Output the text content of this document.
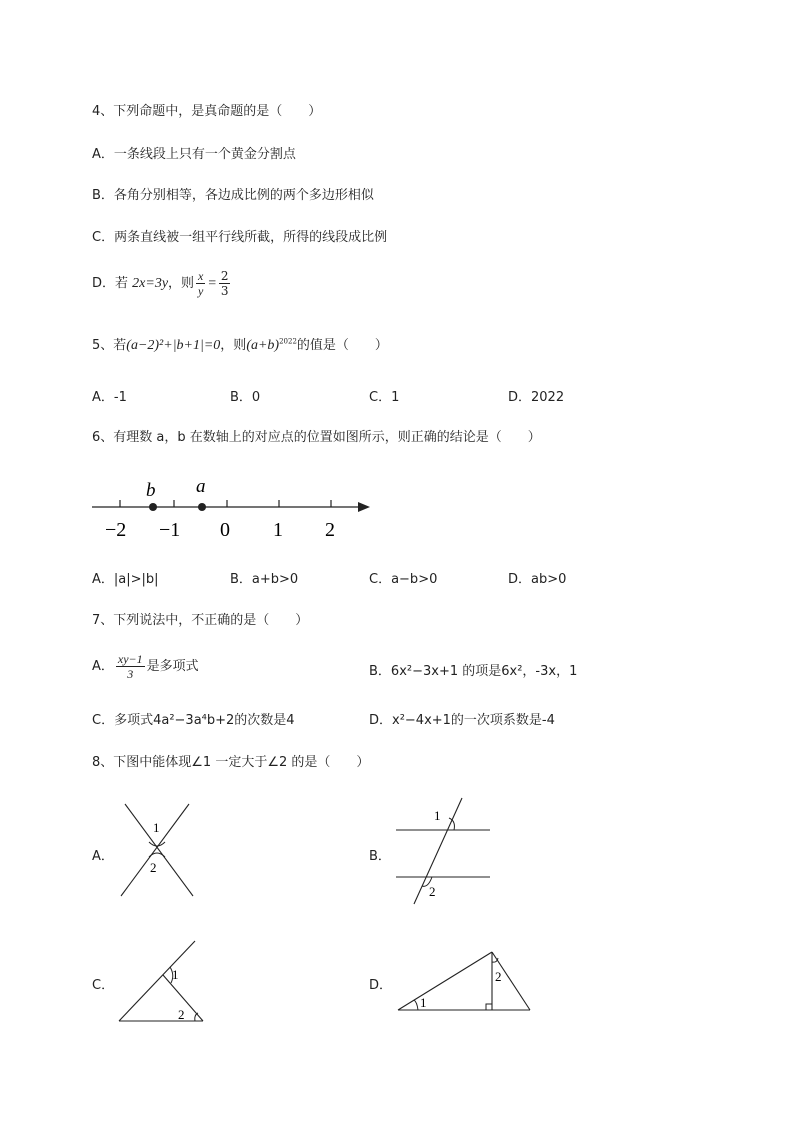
4、下列命题中，是真命题的是（　　）
A．一条线段上只有一个黄金分割点
B．各角分别相等，各边成比例的两个多边形相似
C．两条直线被一组平行线所截，所得的线段成比例
D．若 2x=3y，则 $\frac{x}{y} = \frac{2}{3}$
5、若(a−2)²+|b+1|=0，则$(a+b)^{2022}$的值是（　　）
A．-1	B．0	C．1	D．2022
6、有理数 a，b 在数轴上的对应点的位置如图所示，则正确的结论是（　　）
b a
−2 −1 0 1 2
A．|a|>|b|	B．a+b>0	C．a−b>0	D．ab>0
7、下列说法中，不正确的是（　　）
A． $\frac{xy-1}{3}$ 是多项式	B．6x²−3x+1 的项是6x²，-3x，1
C．多项式4a²−3a⁴b+2的次数是4	D．x²−4x+1的一次项系数是-4
8、下图中能体现∠1 一定大于∠2 的是（　　）
A．
1
2
B．
1
2
C．
1
2
D．
1
2
